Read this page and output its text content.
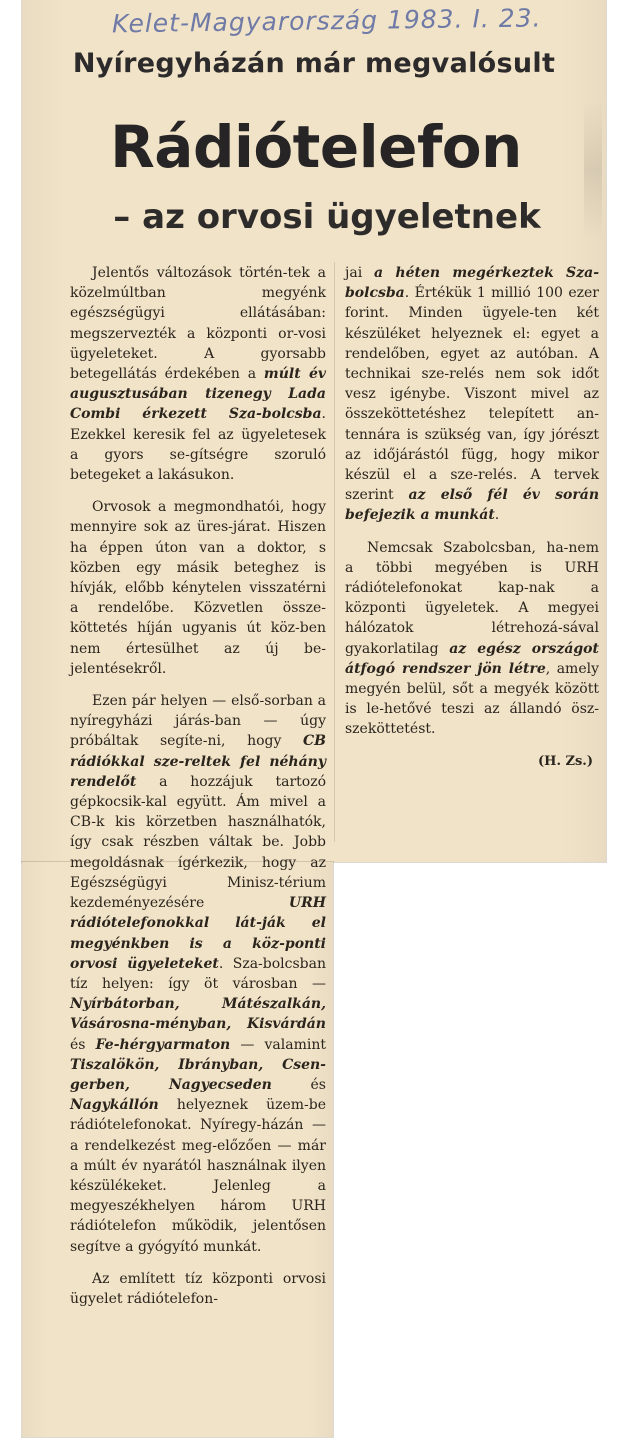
Kelet-Magyarország 1983. I. 23.
Nyíregyházán már megvalósult
Rádiótelefon
– az orvosi ügyeletnek

Jelentős változások történ-tek a közelmúltban megyénk egészségügyi ellátásában: megszervezték a központi or-vosi ügyeleteket. A gyorsabb betegellátás érdekében a múlt év augusztusában tizenegy Lada Combi érkezett Sza-bolcsba. Ezekkel keresik fel az ügyeletesek a gyors se-gítségre szoruló betegeket a lakásukon.

Orvosok a megmondhatói, hogy mennyire sok az üres-járat. Hiszen ha éppen úton van a doktor, s közben egy másik beteghez is hívják, előbb kénytelen visszatérni a rendelőbe. Közvetlen össze-köttetés híján ugyanis út köz-ben nem értesülhet az új be-jelentésekről.

Ezen pár helyen — első-sorban a nyíregyházi járás-ban — úgy próbáltak segíte-ni, hogy CB rádiókkal sze-reltek fel néhány rendelőt a hozzájuk tartozó gépkocsik-kal együtt. Ám mivel a CB-k kis körzetben használhatók, így csak részben váltak be. Jobb megoldásnak ígérkezik, hogy az Egészségügyi Minisz-térium kezdeményezésére URH rádiótelefonokkal lát-ják el megyénkben is a köz-ponti orvosi ügyeleteket. Sza-bolcsban tíz helyen: így öt városban — Nyírbátorban, Mátészalkán, Vásárosna-ményban, Kisvárdán és Fe-hérgyarmaton — valamint Tiszalökön, Ibrányban, Csen-gerben, Nagyecseden és Nagykállón helyeznek üzem-be rádiótelefonokat. Nyíregy-házán — a rendelkezést meg-előzően — már a múlt év nyarától használnak ilyen készülékeket. Jelenleg a megyeszékhelyen három URH rádiótelefon működik, jelentősen segítve a gyógyító munkát.

Az említett tíz központi orvosi ügyelet rádiótelefon-

jai a héten megérkeztek Sza-bolcsba. Értékük 1 millió 100 ezer forint. Minden ügyele-ten két készüléket helyeznek el: egyet a rendelőben, egyet az autóban. A technikai sze-relés nem sok időt vesz igénybe. Viszont mivel az összeköttetéshez telepített an-tennára is szükség van, így jórészt az időjárástól függ, hogy mikor készül el a sze-relés. A tervek szerint az első fél év során befejezik a munkát.

Nemcsak Szabolcsban, ha-nem a többi megyében is URH rádiótelefonokat kap-nak a központi ügyeletek. A megyei hálózatok létrehozá-sával gyakorlatilag az egész országot átfogó rendszer jön létre, amely megyén belül, sőt a megyék között is le-hetővé teszi az állandó ösz-szeköttetést.

(H. Zs.)
